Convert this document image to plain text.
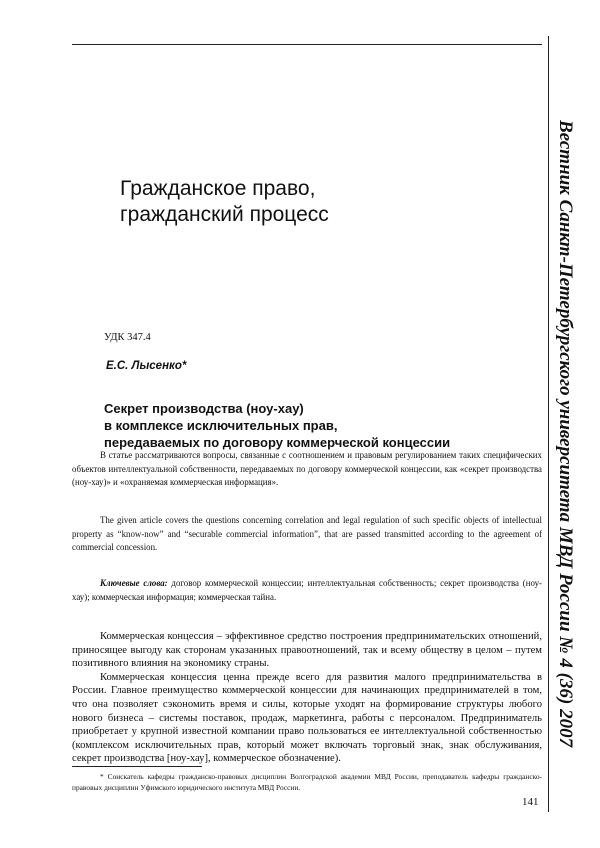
Вестник Санкт-Петербургского университета МВД России № 4 (36) 2007
Гражданское право,
гражданский процесс
УДК 347.4
Е.С. Лысенко*
Секрет производства (ноу-хау)
в комплексе исключительных прав,
передаваемых по договору коммерческой концессии

В статье рассматриваются вопросы, связанные с соотношением и правовым регулированием таких специфических объектов интеллектуальной собственности, передаваемых по договору коммерческой концессии, как «секрет производства (ноу-хау)» и «охраняемая коммерческая информация».

The given article covers the questions concerning correlation and legal regulation of such specific objects of intellectual property as “know-now” and “securable commercial information”, that are passed transmitted according to the agreement of commercial concession.

Ключевые слова: договор коммерческой концессии; интеллектуальная собственность; секрет производства (ноу-хау); коммерческая информация; коммерческая тайна.

Коммерческая концессия – эффективное средство построения предпринимательских отношений, приносящее выгоду как сторонам указанных правоотношений, так и всему обществу в целом – путем позитивного влияния на экономику страны.

Коммерческая концессия ценна прежде всего для развития малого предпринимательства в России. Главное преимущество коммерческой концессии для начинающих предпринимателей в том, что она позволяет сэкономить время и силы, которые уходят на формирование структуры любого нового бизнеса – системы поставок, продаж, маркетинга, работы с персоналом. Предприниматель приобретает у крупной известной компании право пользоваться ее интеллектуальной собственностью (комплексом исключительных прав, который может включать торговый знак, знак обслуживания, секрет производства [ноу-хау], коммерческое обозначение).

* Соискатель кафедры гражданско-правовых дисциплин Волгоградской академии МВД России, преподаватель кафедры гражданско-правовых дисциплин Уфимского юридического института МВД России.

141
